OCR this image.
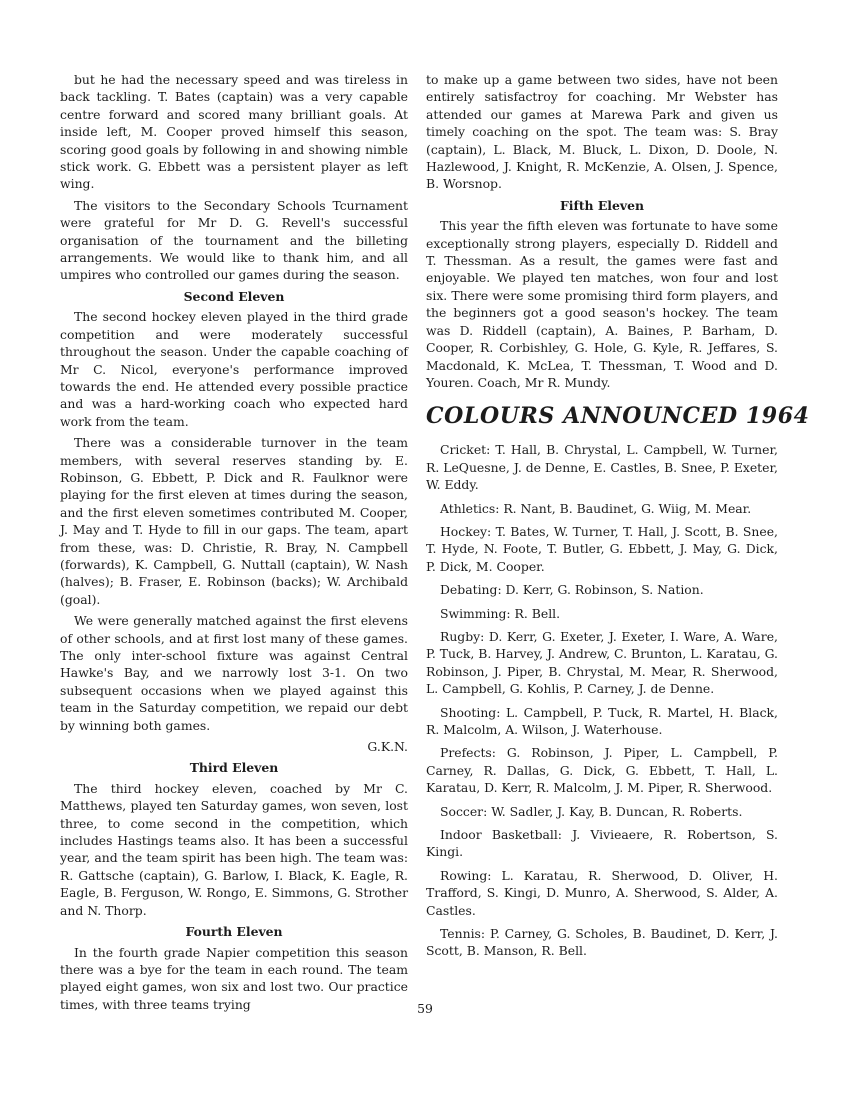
but he had the necessary speed and was tireless in back tackling. T. Bates (captain) was a very capable centre forward and scored many brilliant goals. At inside left, M. Cooper proved himself this season, scoring good goals by following in and showing nimble stick work. G. Ebbett was a persistent player as left wing.

The visitors to the Secondary Schools Tcurnament were grateful for Mr D. G. Revell's successful organisation of the tournament and the billeting arrangements. We would like to thank him, and all umpires who controlled our games during the season.

Second Eleven

The second hockey eleven played in the third grade competition and were moderately successful throughout the season. Under the capable coaching of Mr C. Nicol, everyone's performance improved towards the end. He attended every possible practice and was a hard-working coach who expected hard work from the team.

There was a considerable turnover in the team members, with several reserves standing by. E. Robinson, G. Ebbett, P. Dick and R. Faulknor were playing for the first eleven at times during the season, and the first eleven sometimes contributed M. Cooper, J. May and T. Hyde to fill in our gaps. The team, apart from these, was: D. Christie, R. Bray, N. Campbell (forwards), K. Campbell, G. Nuttall (captain), W. Nash (halves); B. Fraser, E. Robinson (backs); W. Archibald (goal).

We were generally matched against the first elevens of other schools, and at first lost many of these games. The only inter-school fixture was against Central Hawke's Bay, and we narrowly lost 3-1. On two subsequent occasions when we played against this team in the Saturday competition, we repaid our debt by winning both games.

G.K.N.

Third Eleven

The third hockey eleven, coached by Mr C. Matthews, played ten Saturday games, won seven, lost three, to come second in the competition, which includes Hastings teams also. It has been a successful year, and the team spirit has been high. The team was: R. Gattsche (captain), G. Barlow, I. Black, K. Eagle, R. Eagle, B. Ferguson, W. Rongo, E. Simmons, G. Strother and N. Thorp.

Fourth Eleven

In the fourth grade Napier competition this season there was a bye for the team in each round. The team played eight games, won six and lost two. Our practice times, with three teams trying

to make up a game between two sides, have not been entirely satisfactroy for coaching. Mr Webster has attended our games at Marewa Park and given us timely coaching on the spot. The team was: S. Bray (captain), L. Black, M. Bluck, L. Dixon, D. Doole, N. Hazlewood, J. Knight, R. McKenzie, A. Olsen, J. Spence, B. Worsnop.

Fifth Eleven

This year the fifth eleven was fortunate to have some exceptionally strong players, especially D. Riddell and T. Thessman. As a result, the games were fast and enjoyable. We played ten matches, won four and lost six. There were some promising third form players, and the beginners got a good season's hockey. The team was D. Riddell (captain), A. Baines, P. Barham, D. Cooper, R. Corbishley, G. Hole, G. Kyle, R. Jeffares, S. Macdonald, K. McLea, T. Thessman, T. Wood and D. Youren. Coach, Mr R. Mundy.

COLOURS ANNOUNCED 1964

Cricket: T. Hall, B. Chrystal, L. Campbell, W. Turner, R. LeQuesne, J. de Denne, E. Castles, B. Snee, P. Exeter, W. Eddy.

Athletics: R. Nant, B. Baudinet, G. Wiig, M. Mear.

Hockey: T. Bates, W. Turner, T. Hall, J. Scott, B. Snee, T. Hyde, N. Foote, T. Butler, G. Ebbett, J. May, G. Dick, P. Dick, M. Cooper.

Debating: D. Kerr, G. Robinson, S. Nation.

Swimming: R. Bell.

Rugby: D. Kerr, G. Exeter, J. Exeter, I. Ware, A. Ware, P. Tuck, B. Harvey, J. Andrew, C. Brunton, L. Karatau, G. Robinson, J. Piper, B. Chrystal, M. Mear, R. Sherwood, L. Campbell, G. Kohlis, P. Carney, J. de Denne.

Shooting: L. Campbell, P. Tuck, R. Martel, H. Black, R. Malcolm, A. Wilson, J. Waterhouse.

Prefects: G. Robinson, J. Piper, L. Campbell, P. Carney, R. Dallas, G. Dick, G. Ebbett, T. Hall, L. Karatau, D. Kerr, R. Malcolm, J. M. Piper, R. Sherwood.

Soccer: W. Sadler, J. Kay, B. Duncan, R. Roberts.

Indoor Basketball: J. Vivieaere, R. Robertson, S. Kingi.

Rowing: L. Karatau, R. Sherwood, D. Oliver, H. Trafford, S. Kingi, D. Munro, A. Sherwood, S. Alder, A. Castles.

Tennis: P. Carney, G. Scholes, B. Baudinet, D. Kerr, J. Scott, B. Manson, R. Bell.

59
